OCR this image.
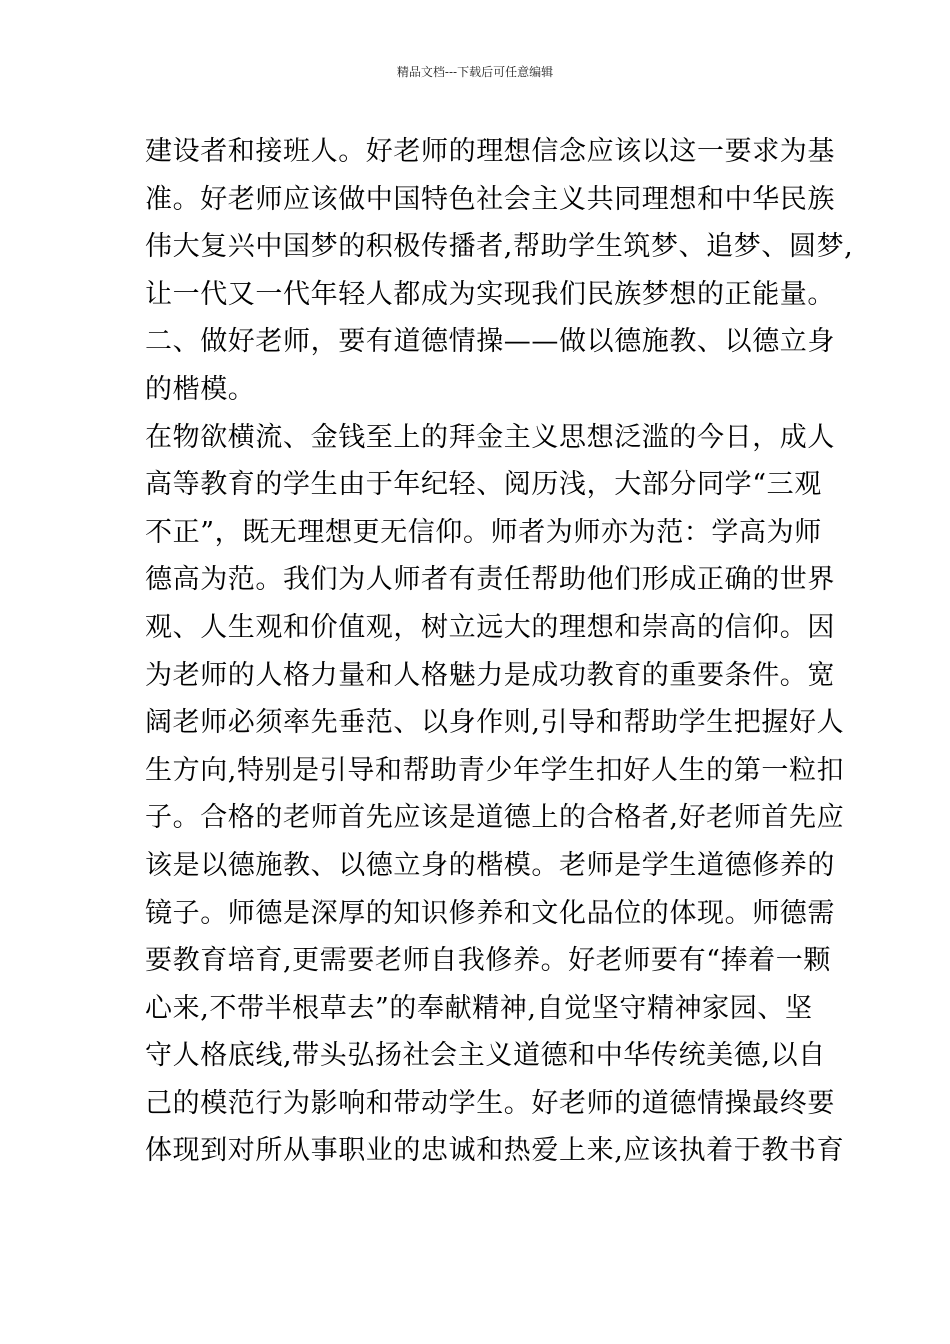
精品文档---下载后可任意编辑
建设者和接班人。好老师的理想信念应该以这一要求为基
准。好老师应该做中国特色社会主义共同理想和中华民族
伟大复兴中国梦的积极传播者,帮助学生筑梦、追梦、圆梦,
让一代又一代年轻人都成为实现我们民族梦想的正能量。
二、做好老师，要有道德情操——做以德施教、以德立身
的楷模。
在物欲横流、金钱至上的拜金主义思想泛滥的今日，成人
高等教育的学生由于年纪轻、阅历浅，大部分同学“三观
不正”，既无理想更无信仰。师者为师亦为范：学高为师
德高为范。我们为人师者有责任帮助他们形成正确的世界
观、人生观和价值观，树立远大的理想和崇高的信仰。因
为老师的人格力量和人格魅力是成功教育的重要条件。宽
阔老师必须率先垂范、以身作则,引导和帮助学生把握好人
生方向,特别是引导和帮助青少年学生扣好人生的第一粒扣
子。合格的老师首先应该是道德上的合格者,好老师首先应
该是以德施教、以德立身的楷模。老师是学生道德修养的
镜子。师德是深厚的知识修养和文化品位的体现。师德需
要教育培育,更需要老师自我修养。好老师要有“捧着一颗
心来,不带半根草去”的奉献精神,自觉坚守精神家园、坚
守人格底线,带头弘扬社会主义道德和中华传统美德,以自
己的模范行为影响和带动学生。好老师的道德情操最终要
体现到对所从事职业的忠诚和热爱上来,应该执着于教书育
